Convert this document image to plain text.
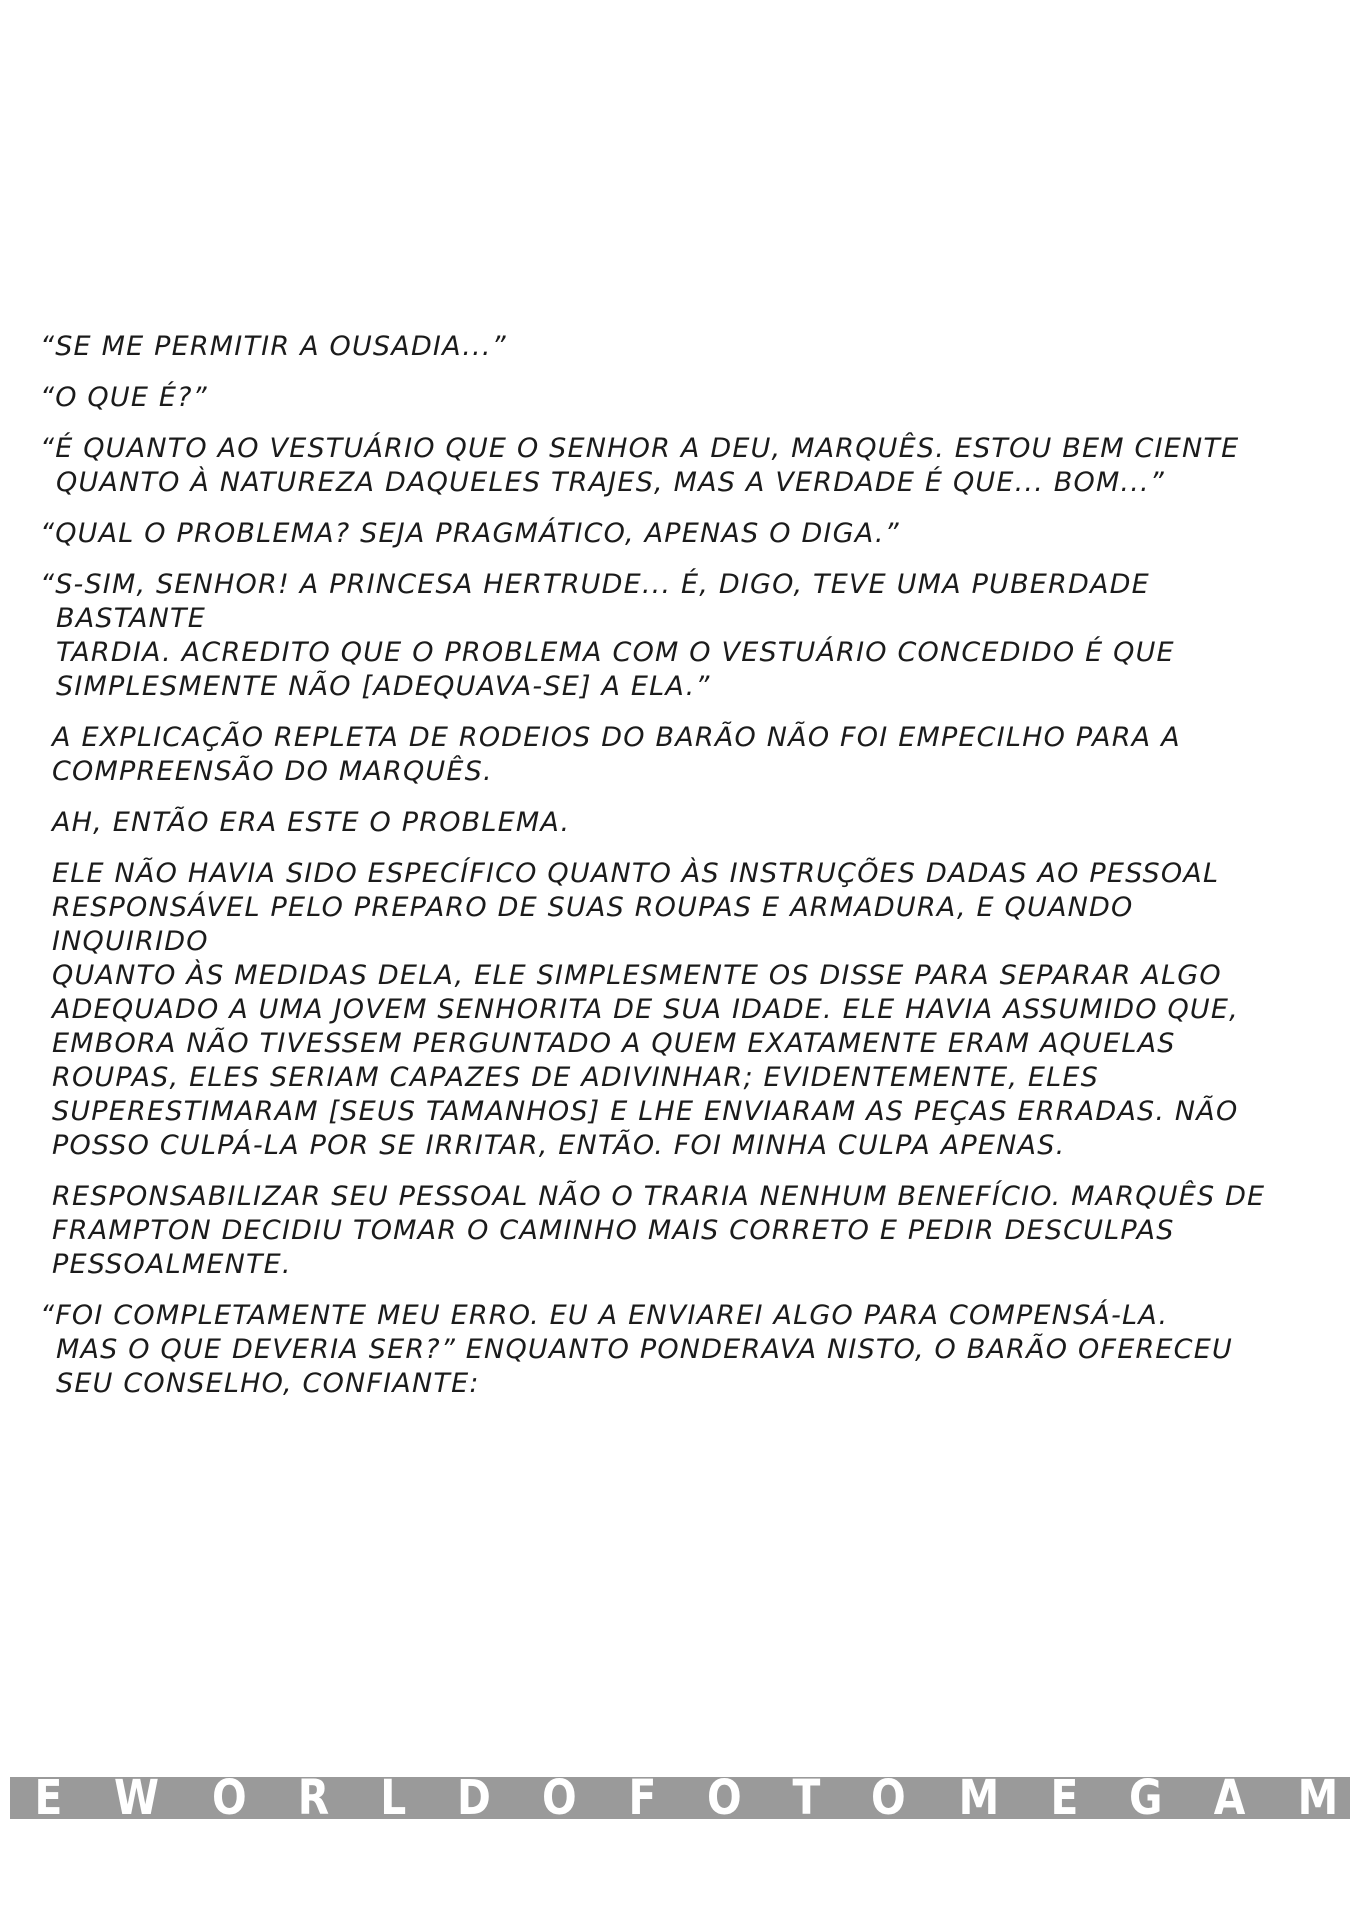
“SE ME PERMITIR A OUSADIA...”

“O QUE É?”

“É QUANTO AO VESTUÁRIO QUE O SENHOR A DEU, MARQUÊS. ESTOU BEM CIENTE
QUANTO À NATUREZA DAQUELES TRAJES, MAS A VERDADE É QUE... BOM...”

“QUAL O PROBLEMA? SEJA PRAGMÁTICO, APENAS O DIGA.”

“S-SIM, SENHOR! A PRINCESA HERTRUDE... É, DIGO, TEVE UMA PUBERDADE BASTANTE
TARDIA. ACREDITO QUE O PROBLEMA COM O VESTUÁRIO CONCEDIDO É QUE
SIMPLESMENTE NÃO [ADEQUAVA-SE] A ELA.”

A EXPLICAÇÃO REPLETA DE RODEIOS DO BARÃO NÃO FOI EMPECILHO PARA A
COMPREENSÃO DO MARQUÊS.

AH, ENTÃO ERA ESTE O PROBLEMA.

ELE NÃO HAVIA SIDO ESPECÍFICO QUANTO ÀS INSTRUÇÕES DADAS AO PESSOAL
RESPONSÁVEL PELO PREPARO DE SUAS ROUPAS E ARMADURA, E QUANDO INQUIRIDO
QUANTO ÀS MEDIDAS DELA, ELE SIMPLESMENTE OS DISSE PARA SEPARAR ALGO
ADEQUADO A UMA JOVEM SENHORITA DE SUA IDADE. ELE HAVIA ASSUMIDO QUE,
EMBORA NÃO TIVESSEM PERGUNTADO A QUEM EXATAMENTE ERAM AQUELAS
ROUPAS, ELES SERIAM CAPAZES DE ADIVINHAR; EVIDENTEMENTE, ELES
SUPERESTIMARAM [SEUS TAMANHOS] E LHE ENVIARAM AS PEÇAS ERRADAS. NÃO
POSSO CULPÁ-LA POR SE IRRITAR, ENTÃO. FOI MINHA CULPA APENAS.

RESPONSABILIZAR SEU PESSOAL NÃO O TRARIA NENHUM BENEFÍCIO. MARQUÊS DE
FRAMPTON DECIDIU TOMAR O CAMINHO MAIS CORRETO E PEDIR DESCULPAS
PESSOALMENTE.

“FOI COMPLETAMENTE MEU ERRO. EU A ENVIAREI ALGO PARA COMPENSÁ-LA.
MAS O QUE DEVERIA SER?” ENQUANTO PONDERAVA NISTO, O BARÃO OFERECEU
SEU CONSELHO, CONFIANTE:

E W O R L D O F O T O M E G A M
